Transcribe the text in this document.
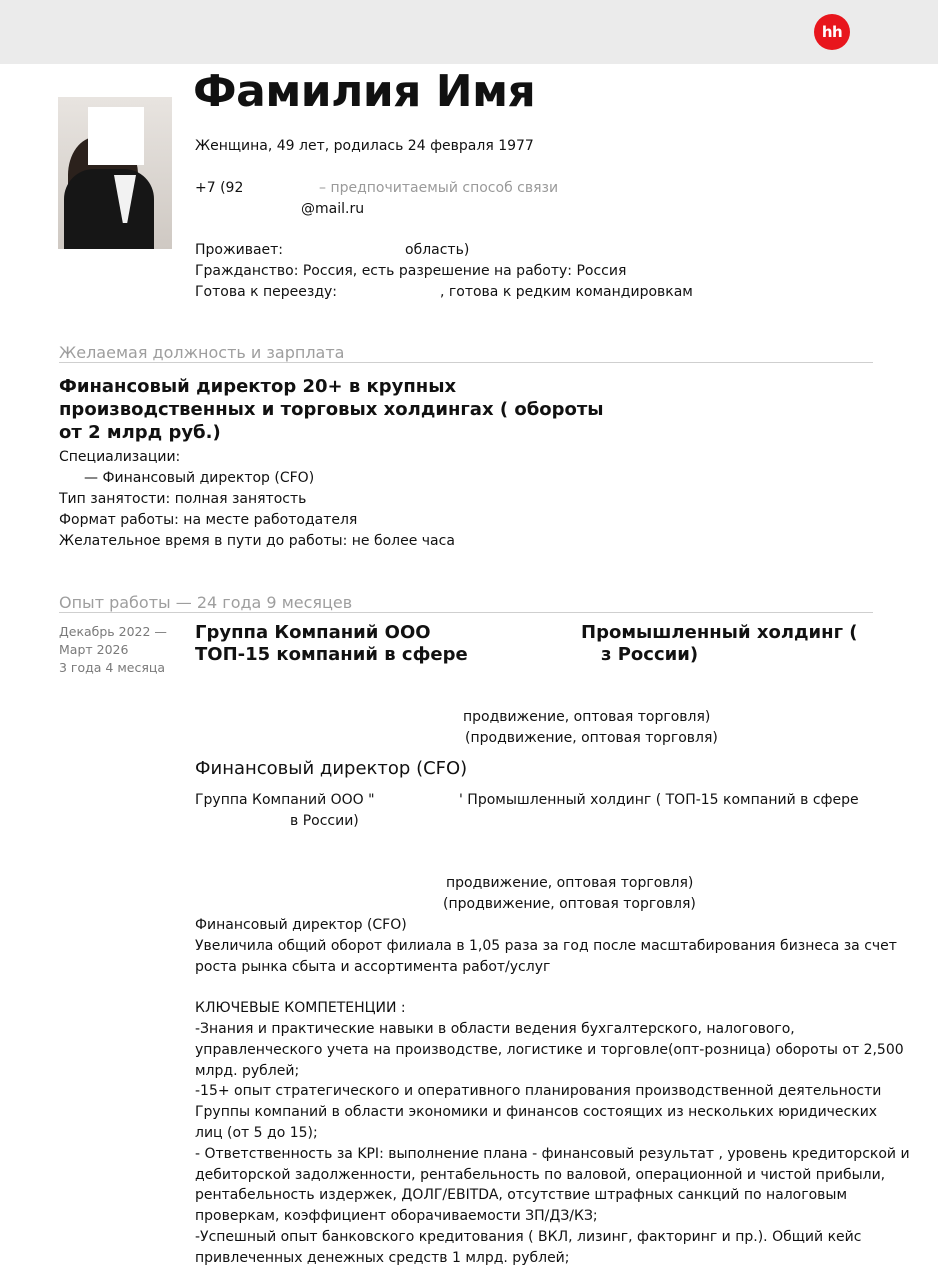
hh
Фамилия Имя
Женщина, 49 лет, родилась 24 февраля 1977
+7 (92	– предпочитаемый способ связи
@mail.ru
Проживает:	область)
Гражданство: Россия, есть разрешение на работу: Россия
Готова к переезду:	, готова к редким командировкам
Желаемая должность и зарплата
Финансовый директор 20+ в крупных
производственных и торговых холдингах ( обороты
от 2 млрд руб.)
Специализации:
— Финансовый директор (CFO)
Тип занятости: полная занятость
Формат работы: на месте работодателя
Желательное время в пути до работы: не более часа
Опыт работы — 24 года 9 месяцев
Декабрь 2022 —
Март 2026
3 года 4 месяца
Группа Компаний ООО	Промышленный холдинг (
ТОП-15 компаний в сфере	з России)
продвижение, оптовая торговля)
(продвижение, оптовая торговля)
Финансовый директор (CFO)
Группа Компаний ООО "	' Промышленный холдинг ( ТОП-15 компаний в сфере
в России)
продвижение, оптовая торговля)
(продвижение, оптовая торговля)
Финансовый директор (CFO)
Увеличила общий оборот филиала в 1,05 раза за год после масштабирования бизнеса за счет
роста рынка сбыта и ассортимента работ/услуг

КЛЮЧЕВЫЕ КОМПЕТЕНЦИИ :
-Знания и практические навыки в области ведения бухгалтерского, налогового,
управленческого учета на производстве, логистике и торговле(опт-розница) обороты от 2,500
млрд. рублей;
-15+ опыт стратегического и оперативного планирования производственной деятельности
Группы компаний в области экономики и финансов состоящих из нескольких юридических
лиц (от 5 до 15);
- Ответственность за KPI: выполнение плана - финансовый результат , уровень кредиторской и
дебиторской задолженности, рентабельность по валовой, операционной и чистой прибыли,
рентабельность издержек, ДОЛГ/EBITDA, отсутствие штрафных санкций по налоговым
проверкам, коэффициент оборачиваемости ЗП/ДЗ/КЗ;
-Успешный опыт банковского кредитования ( ВКЛ, лизинг, факторинг и пр.). Общий кейс
привлеченных денежных средств 1 млрд. рублей;
